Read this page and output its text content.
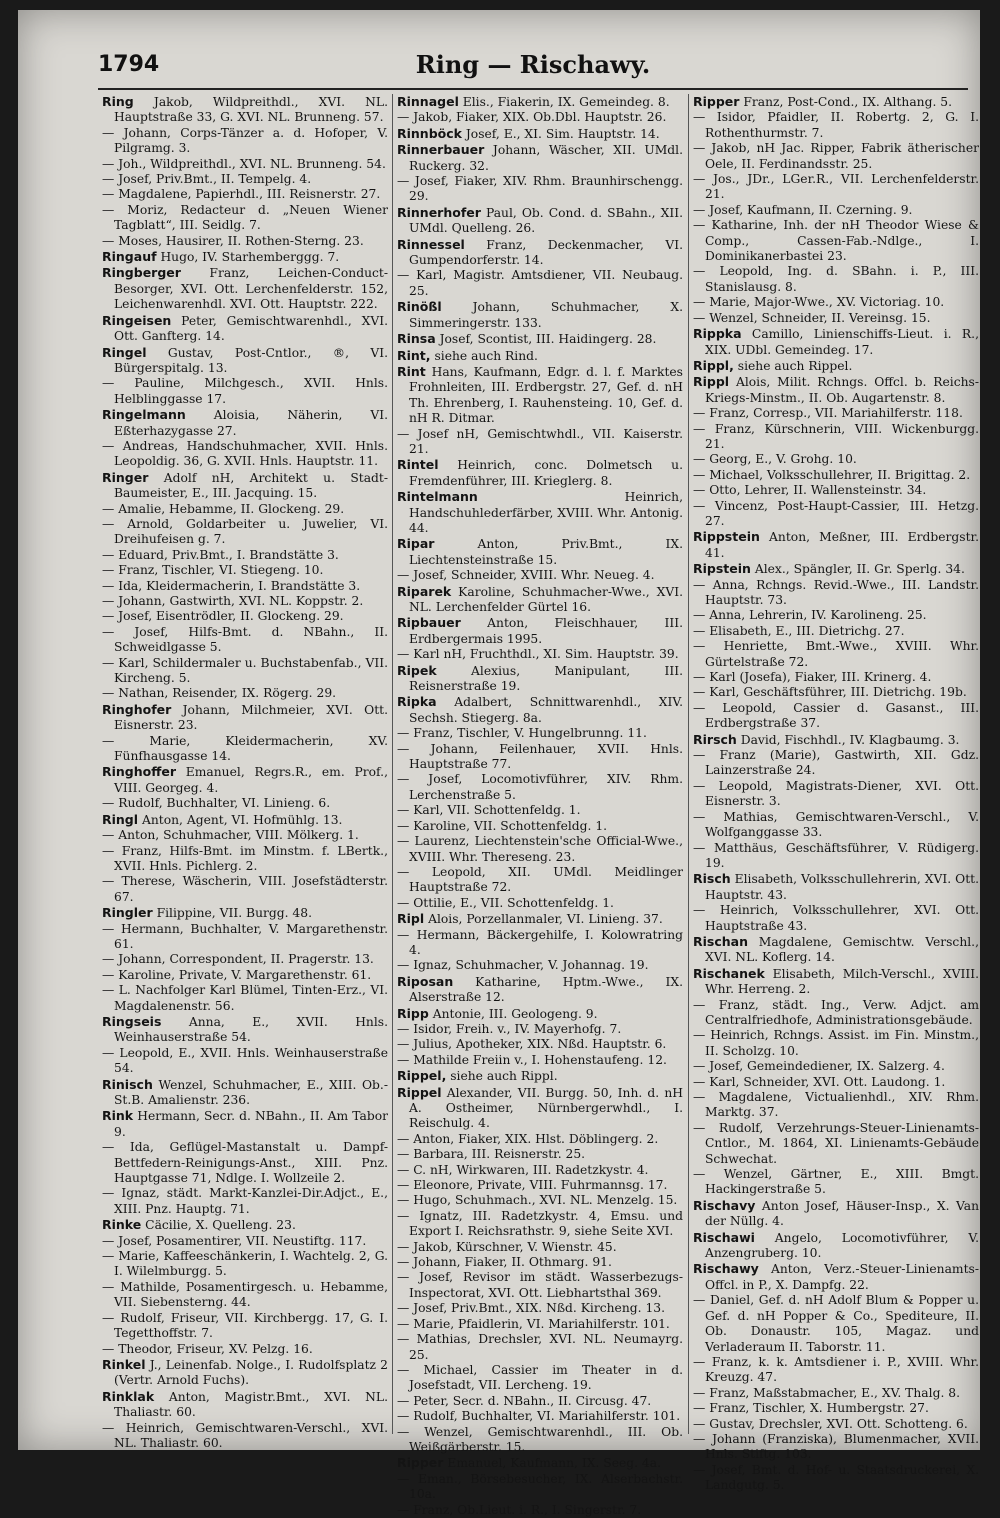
1794	Ring — Rischawy.

Ring Jakob, Wildpreithdl., XVI. NL. Hauptstraße 33, G. XVI. NL. Brunneng. 57.

— Johann, Corps-Tänzer a. d. Hofoper, V. Pilgramg. 3.

— Joh., Wildpreithdl., XVI. NL. Brunneng. 54.

— Josef, Priv.Bmt., II. Tempelg. 4.

— Magdalene, Papierhdl., III. Reisnerstr. 27.

— Moriz, Redacteur d. „Neuen Wiener Tagblatt“, III. Seidlg. 7.

— Moses, Hausirer, II. Rothen-Sterng. 23.

Ringauf Hugo, IV. Starhemberggg. 7.

Ringberger Franz, Leichen-Conduct-Besorger, XVI. Ott. Lerchenfelderstr. 152, Leichenwarenhdl. XVI. Ott. Hauptstr. 222.

Ringeisen Peter, Gemischtwarenhdl., XVI. Ott. Ganfterg. 14.

Ringel Gustav, Post-Cntlor., ®, VI. Bürgerspitalg. 13.

— Pauline, Milchgesch., XVII. Hnls. Helblinggasse 17.

Ringelmann Aloisia, Näherin, VI. Eßterhazygasse 27.

— Andreas, Handschuhmacher, XVII. Hnls. Leopoldig. 36, G. XVII. Hnls. Hauptstr. 11.

Ringer Adolf nH, Architekt u. Stadt-Baumeister, E., III. Jacquing. 15.

— Amalie, Hebamme, II. Glockeng. 29.

— Arnold, Goldarbeiter u. Juwelier, VI. Dreihufeisen g. 7.

— Eduard, Priv.Bmt., I. Brandstätte 3.

— Franz, Tischler, VI. Stiegeng. 10.

— Ida, Kleidermacherin, I. Brandstätte 3.

— Johann, Gastwirth, XVI. NL. Koppstr. 2.

— Josef, Eisentrödler, II. Glockeng. 29.

— Josef, Hilfs-Bmt. d. NBahn., II. Schweidlgasse 5.

— Karl, Schildermaler u. Buchstabenfab., VII. Kircheng. 5.

— Nathan, Reisender, IX. Rögerg. 29.

Ringhofer Johann, Milchmeier, XVI. Ott. Eisnerstr. 23.

— Marie, Kleidermacherin, XV. Fünfhausgasse 14.

Ringhoffer Emanuel, Regrs.R., em. Prof., VIII. Georgeg. 4.

— Rudolf, Buchhalter, VI. Linieng. 6.

Ringl Anton, Agent, VI. Hofmühlg. 13.

— Anton, Schuhmacher, VIII. Mölkerg. 1.

— Franz, Hilfs-Bmt. im Minstm. f. LBertk., XVII. Hnls. Pichlerg. 2.

— Therese, Wäscherin, VIII. Josefstädterstr. 67.

Ringler Filippine, VII. Burgg. 48.

— Hermann, Buchhalter, V. Margarethenstr. 61.

— Johann, Correspondent, II. Pragerstr. 13.

— Karoline, Private, V. Margarethenstr. 61.

— L. Nachfolger Karl Blümel, Tinten-Erz., VI. Magdalenenstr. 56.

Ringseis Anna, E., XVII. Hnls. Weinhauserstraße 54.

— Leopold, E., XVII. Hnls. Weinhauserstraße 54.

Rinisch Wenzel, Schuhmacher, E., XIII. Ob.-St.B. Amalienstr. 236.

Rink Hermann, Secr. d. NBahn., II. Am Tabor 9.

— Ida, Geflügel-Mastanstalt u. Dampf-Bettfedern-Reinigungs-Anst., XIII. Pnz. Hauptgasse 71, Ndlge. I. Wollzeile 2.

— Ignaz, städt. Markt-Kanzlei-Dir.Adjct., E., XIII. Pnz. Hauptg. 71.

Rinke Cäcilie, X. Quelleng. 23.

— Josef, Posamentirer, VII. Neustiftg. 117.

— Marie, Kaffeeschänkerin, I. Wachtelg. 2, G. I. Wilelmburgg. 5.

— Mathilde, Posamentirgesch. u. Hebamme, VII. Siebensterng. 44.

— Rudolf, Friseur, VII. Kirchbergg. 17, G. I. Tegetthoffstr. 7.

— Theodor, Friseur, XV. Pelzg. 16.

Rinkel J., Leinenfab. Nolge., I. Rudolfsplatz 2 (Vertr. Arnold Fuchs).

Rinklak Anton, Magistr.Bmt., XVI. NL. Thaliastr. 60.

— Heinrich, Gemischtwaren-Verschl., XVI. NL. Thaliastr. 60.

Rinnagel Elis., Fiakerin, IX. Gemeindeg. 8.

— Jakob, Fiaker, XIX. Ob.Dbl. Hauptstr. 26.

Rinnböck Josef, E., XI. Sim. Hauptstr. 14.

Rinnerbauer Johann, Wäscher, XII. UMdl. Ruckerg. 32.

— Josef, Fiaker, XIV. Rhm. Braunhirschengg. 29.

Rinnerhofer Paul, Ob. Cond. d. SBahn., XII. UMdl. Quelleng. 26.

Rinnessel Franz, Deckenmacher, VI. Gumpendorferstr. 14.

— Karl, Magistr. Amtsdiener, VII. Neubaug. 25.

Rinößl Johann, Schuhmacher, X. Simmeringerstr. 133.

Rinsa Josef, Scontist, III. Haidingerg. 28.

Rint, siehe auch Rind.

Rint Hans, Kaufmann, Edgr. d. l. f. Marktes Frohnleiten, III. Erdbergstr. 27, Gef. d. nH Th. Ehrenberg, I. Rauhensteing. 10, Gef. d. nH R. Ditmar.

— Josef nH, Gemischtwhdl., VII. Kaiserstr. 21.

Rintel Heinrich, conc. Dolmetsch u. Fremdenführer, III. Krieglerg. 8.

Rintelmann Heinrich, Handschuhlederfärber, XVIII. Whr. Antonig. 44.

Ripar Anton, Priv.Bmt., IX. Liechtensteinstraße 15.

— Josef, Schneider, XVIII. Whr. Neueg. 4.

Riparek Karoline, Schuhmacher-Wwe., XVI. NL. Lerchenfelder Gürtel 16.

Ripbauer Anton, Fleischhauer, III. Erdbergermais 1995.

— Karl nH, Fruchthdl., XI. Sim. Hauptstr. 39.

Ripek Alexius, Manipulant, III. Reisnerstraße 19.

Ripka Adalbert, Schnittwarenhdl., XIV. Sechsh. Stiegerg. 8a.

— Franz, Tischler, V. Hungelbrunng. 11.

— Johann, Feilenhauer, XVII. Hnls. Hauptstraße 77.

— Josef, Locomotivführer, XIV. Rhm. Lerchenstraße 5.

— Karl, VII. Schottenfeldg. 1.

— Karoline, VII. Schottenfeldg. 1.

— Laurenz, Liechtenstein'sche Official-Wwe., XVIII. Whr. Thereseng. 23.

— Leopold, XII. UMdl. Meidlinger Hauptstraße 72.

— Ottilie, E., VII. Schottenfeldg. 1.

Ripl Alois, Porzellanmaler, VI. Linieng. 37.

— Hermann, Bäckergehilfe, I. Kolowratring 4.

— Ignaz, Schuhmacher, V. Johannag. 19.

Riposan Katharine, Hptm.-Wwe., IX. Alserstraße 12.

Ripp Antonie, III. Geologeng. 9.

— Isidor, Freih. v., IV. Mayerhofg. 7.

— Julius, Apotheker, XIX. Nßd. Hauptstr. 6.

— Mathilde Freiin v., I. Hohenstaufeng. 12.

Rippel, siehe auch Rippl.

Rippel Alexander, VII. Burgg. 50, Inh. d. nH A. Ostheimer, Nürnbergerwhdl., I. Reischulg. 4.

— Anton, Fiaker, XIX. Hlst. Döblingerg. 2.

— Barbara, III. Reisnerstr. 25.

— C. nH, Wirkwaren, III. Radetzkystr. 4.

— Eleonore, Private, VIII. Fuhrmannsg. 17.

— Hugo, Schuhmach., XVI. NL. Menzelg. 15.

— Ignatz, III. Radetzkystr. 4, Emsu. und Export I. Reichsrathstr. 9, siehe Seite XVI.

— Jakob, Kürschner, V. Wienstr. 45.

— Johann, Fiaker, II. Othmarg. 91.

— Josef, Revisor im städt. Wasserbezugs-Inspectorat, XVI. Ott. Liebhartsthal 369.

— Josef, Priv.Bmt., XIX. Nßd. Kircheng. 13.

— Marie, Pfaidlerin, VI. Mariahilferstr. 101.

— Mathias, Drechsler, XVI. NL. Neumayrg. 25.

— Michael, Cassier im Theater in d. Josefstadt, VII. Lercheng. 19.

— Peter, Secr. d. NBahn., II. Circusg. 47.

— Rudolf, Buchhalter, VI. Mariahilferstr. 101.

— Wenzel, Gemischtwarenhdl., III. Ob. Weißgärberstr. 15.

Ripper Emanuel, Kaufmann, IX. Seeg. 4a.

— Eman., Börsebesucher, IX. Alserbachstr. 10a.

— Franz, Ob.Lieut. i. R., I. Singerstr. 7.

Ripper Franz, Post-Cond., IX. Althang. 5.

— Isidor, Pfaidler, II. Robertg. 2, G. I. Rothenthurmstr. 7.

— Jakob, nH Jac. Ripper, Fabrik ätherischer Oele, II. Ferdinandsstr. 25.

— Jos., JDr., LGer.R., VII. Lerchenfelderstr. 21.

— Josef, Kaufmann, II. Czerning. 9.

— Katharine, Inh. der nH Theodor Wiese & Comp., Cassen-Fab.-Ndlge., I. Dominikanerbastei 23.

— Leopold, Ing. d. SBahn. i. P., III. Stanislausg. 8.

— Marie, Major-Wwe., XV. Victoriag. 10.

— Wenzel, Schneider, II. Vereinsg. 15.

Rippka Camillo, Linienschiffs-Lieut. i. R., XIX. UDbl. Gemeindeg. 17.

Rippl, siehe auch Rippel.

Rippl Alois, Milit. Rchngs. Offcl. b. Reichs-Kriegs-Minstm., II. Ob. Augartenstr. 8.

— Franz, Corresp., VII. Mariahilferstr. 118.

— Franz, Kürschnerin, VIII. Wickenburgg. 21.

— Georg, E., V. Grohg. 10.

— Michael, Volksschullehrer, II. Brigittag. 2.

— Otto, Lehrer, II. Wallensteinstr. 34.

— Vincenz, Post-Haupt-Cassier, III. Hetzg. 27.

Rippstein Anton, Meßner, III. Erdbergstr. 41.

Ripstein Alex., Spängler, II. Gr. Sperlg. 34.

— Anna, Rchngs. Revid.-Wwe., III. Landstr. Hauptstr. 73.

— Anna, Lehrerin, IV. Karolineng. 25.

— Elisabeth, E., III. Dietrichg. 27.

— Henriette, Bmt.-Wwe., XVIII. Whr. Gürtelstraße 72.

— Karl (Josefa), Fiaker, III. Krinerg. 4.

— Karl, Geschäftsführer, III. Dietrichg. 19b.

— Leopold, Cassier d. Gasanst., III. Erdbergstraße 37.

Rirsch David, Fischhdl., IV. Klagbaumg. 3.

— Franz (Marie), Gastwirth, XII. Gdz. Lainzerstraße 24.

— Leopold, Magistrats-Diener, XVI. Ott. Eisnerstr. 3.

— Mathias, Gemischtwaren-Verschl., V. Wolfganggasse 33.

— Matthäus, Geschäftsführer, V. Rüdigerg. 19.

Risch Elisabeth, Volksschullehrerin, XVI. Ott. Hauptstr. 43.

— Heinrich, Volksschullehrer, XVI. Ott. Hauptstraße 43.

Rischan Magdalene, Gemischtw. Verschl., XVI. NL. Koflerg. 14.

Rischanek Elisabeth, Milch-Verschl., XVIII. Whr. Herreng. 2.

— Franz, städt. Ing., Verw. Adjct. am Centralfriedhofe, Administrationsgebäude.

— Heinrich, Rchngs. Assist. im Fin. Minstm., II. Scholzg. 10.

— Josef, Gemeindediener, IX. Salzerg. 4.

— Karl, Schneider, XVI. Ott. Laudong. 1.

— Magdalene, Victualienhdl., XIV. Rhm. Marktg. 37.

— Rudolf, Verzehrungs-Steuer-Linienamts-Cntlor., M. 1864, XI. Linienamts-Gebäude Schwechat.

— Wenzel, Gärtner, E., XIII. Bmgt. Hackingerstraße 5.

Rischavy Anton Josef, Häuser-Insp., X. Van der Nüllg. 4.

Rischawi Angelo, Locomotivführer, V. Anzengruberg. 10.

Rischawy Anton, Verz.-Steuer-Linienamts-Offcl. in P., X. Dampfg. 22.

— Daniel, Gef. d. nH Adolf Blum & Popper u. Gef. d. nH Popper & Co., Spediteure, II. Ob. Donaustr. 105, Magaz. und Verladeraum II. Taborstr. 11.

— Franz, k. k. Amtsdiener i. P., XVIII. Whr. Kreuzg. 47.

— Franz, Maßstabmacher, E., XV. Thalg. 8.

— Franz, Tischler, X. Humbergstr. 27.

— Gustav, Drechsler, XVI. Ott. Schotteng. 6.

— Johann (Franziska), Blumenmacher, XVII. Hnls. Stiftg. 103.

— Josef, Bmt. d. Hof- u. Staatsdruckerei, X. Landgutg. 5.
